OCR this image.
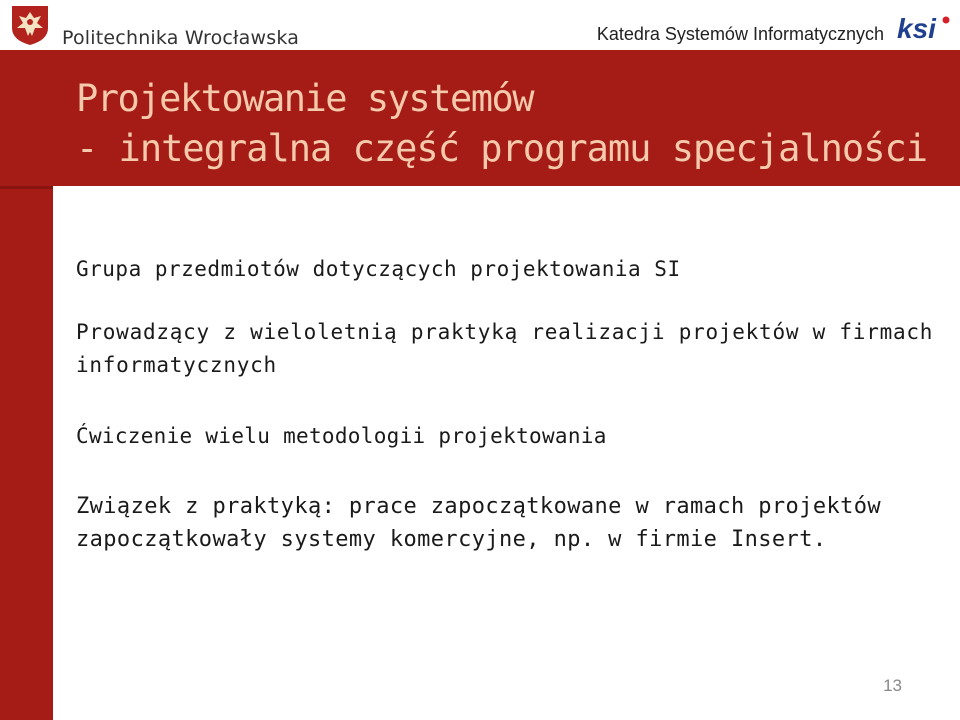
Politechnika Wrocławska	Katedra Systemów Informatycznych ksi
Projektowanie systemów
- integralna część programu specjalności
Grupa przedmiotów dotyczących projektowania SI
Prowadzący z wieloletnią praktyką realizacji projektów w firmach informatycznych
Ćwiczenie wielu metodologii projektowania
Związek z praktyką: prace zapoczątkowane w ramach projektów zapoczątkowały systemy komercyjne, np. w firmie Insert.
13
